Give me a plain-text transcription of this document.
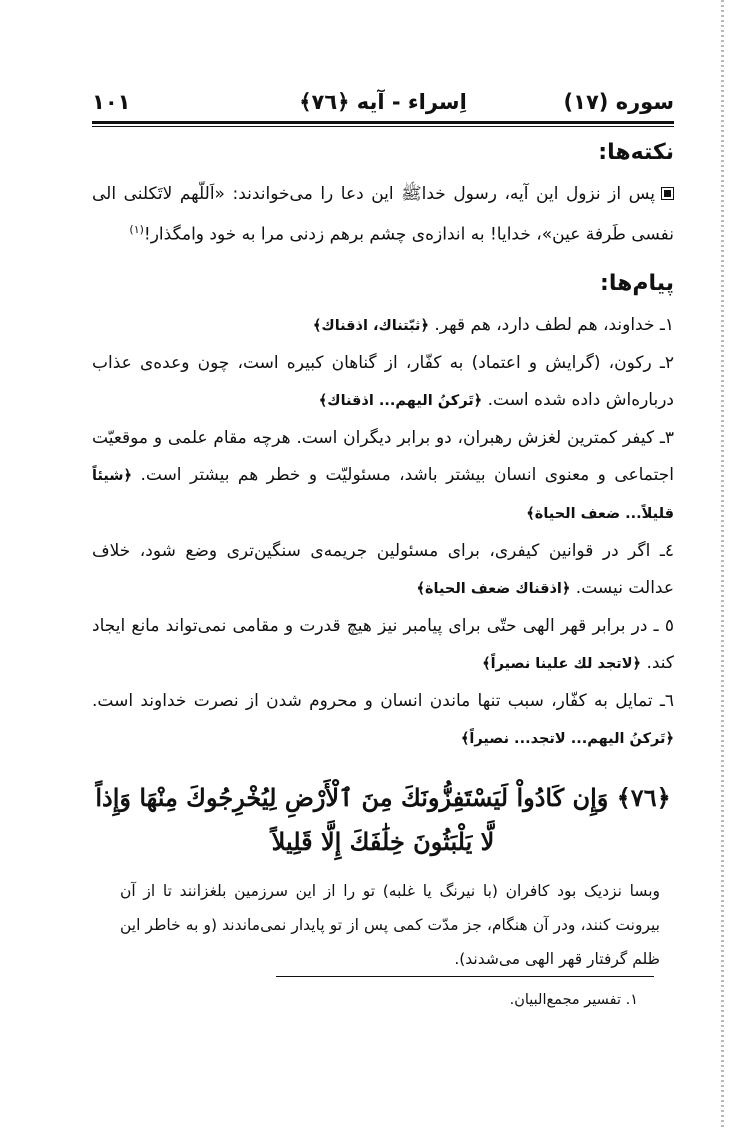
سوره (١٧)
اِسراء - آیه ﴿٧٦﴾
١٠١
نکته‌ها:

پس از نزول این آیه، رسول خداﷺ این دعا را می‌خواندند: «اَللّهم لاتَکلنی الی نفسی طَرفة عین»، خدایا! به اندازه‌ی چشم برهم زدنی مرا به خود وامگذار!$^{(١)}$

پیام‌ها:

١ـ خداوند، هم لطف دارد، هم قهر. ﴿ثبّتناك، اذقناك﴾

٢ـ رکون، (گرایش و اعتماد) به کفّار، از گناهان کبیره است، چون وعده‌ی عذاب درباره‌اش داده شده است. ﴿تَرکنُ الیهم... اذقناك﴾

٣ـ کیفر کمترین لغزش رهبران، دو برابر دیگران است. هرچه مقام علمی و موقعیّت اجتماعی و معنوی انسان بیشتر باشد، مسئولیّت و خطر هم بیشتر است. ﴿شیئاً قلیلاً... ضعف الحیاة﴾

٤ـ اگر در قوانین کیفری، برای مسئولین جریمه‌ی سنگین‌تری وضع شود، خلاف عدالت نیست. ﴿اذقناك ضعف الحیاة﴾

٥ ـ در برابر قهر الهی حتّی برای پیامبر نیز هیچ قدرت و مقامی نمی‌تواند مانع ایجاد کند. ﴿لاتجد لك علینا نصیراً﴾

٦ـ تمایل به کفّار، سبب تنها ماندن انسان و محروم شدن از نصرت خداوند است. ﴿تَرکنُ الیهم... لاتجد... نصیراً﴾

﴿٧٦﴾ وَإِن كَادُواْ لَيَسْتَفِزُّونَكَ مِنَ ٱلْأَرْضِ لِيُخْرِجُوكَ مِنْهَا وَإِذاً لَّا يَلْبَثُونَ خِلَٰفَكَ إِلَّا قَلِيلاً

وبسا نزدیک بود کافران (با نیرنگ یا غلبه) تو را از این سرزمین بلغزانند تا از آن بیرونت کنند، ودر آن هنگام، جز مدّت کمی پس از تو پایدار نمی‌ماندند (و به خاطر این ظلم گرفتار قهر الهی می‌شدند).

١. تفسیر مجمع‌البیان.
